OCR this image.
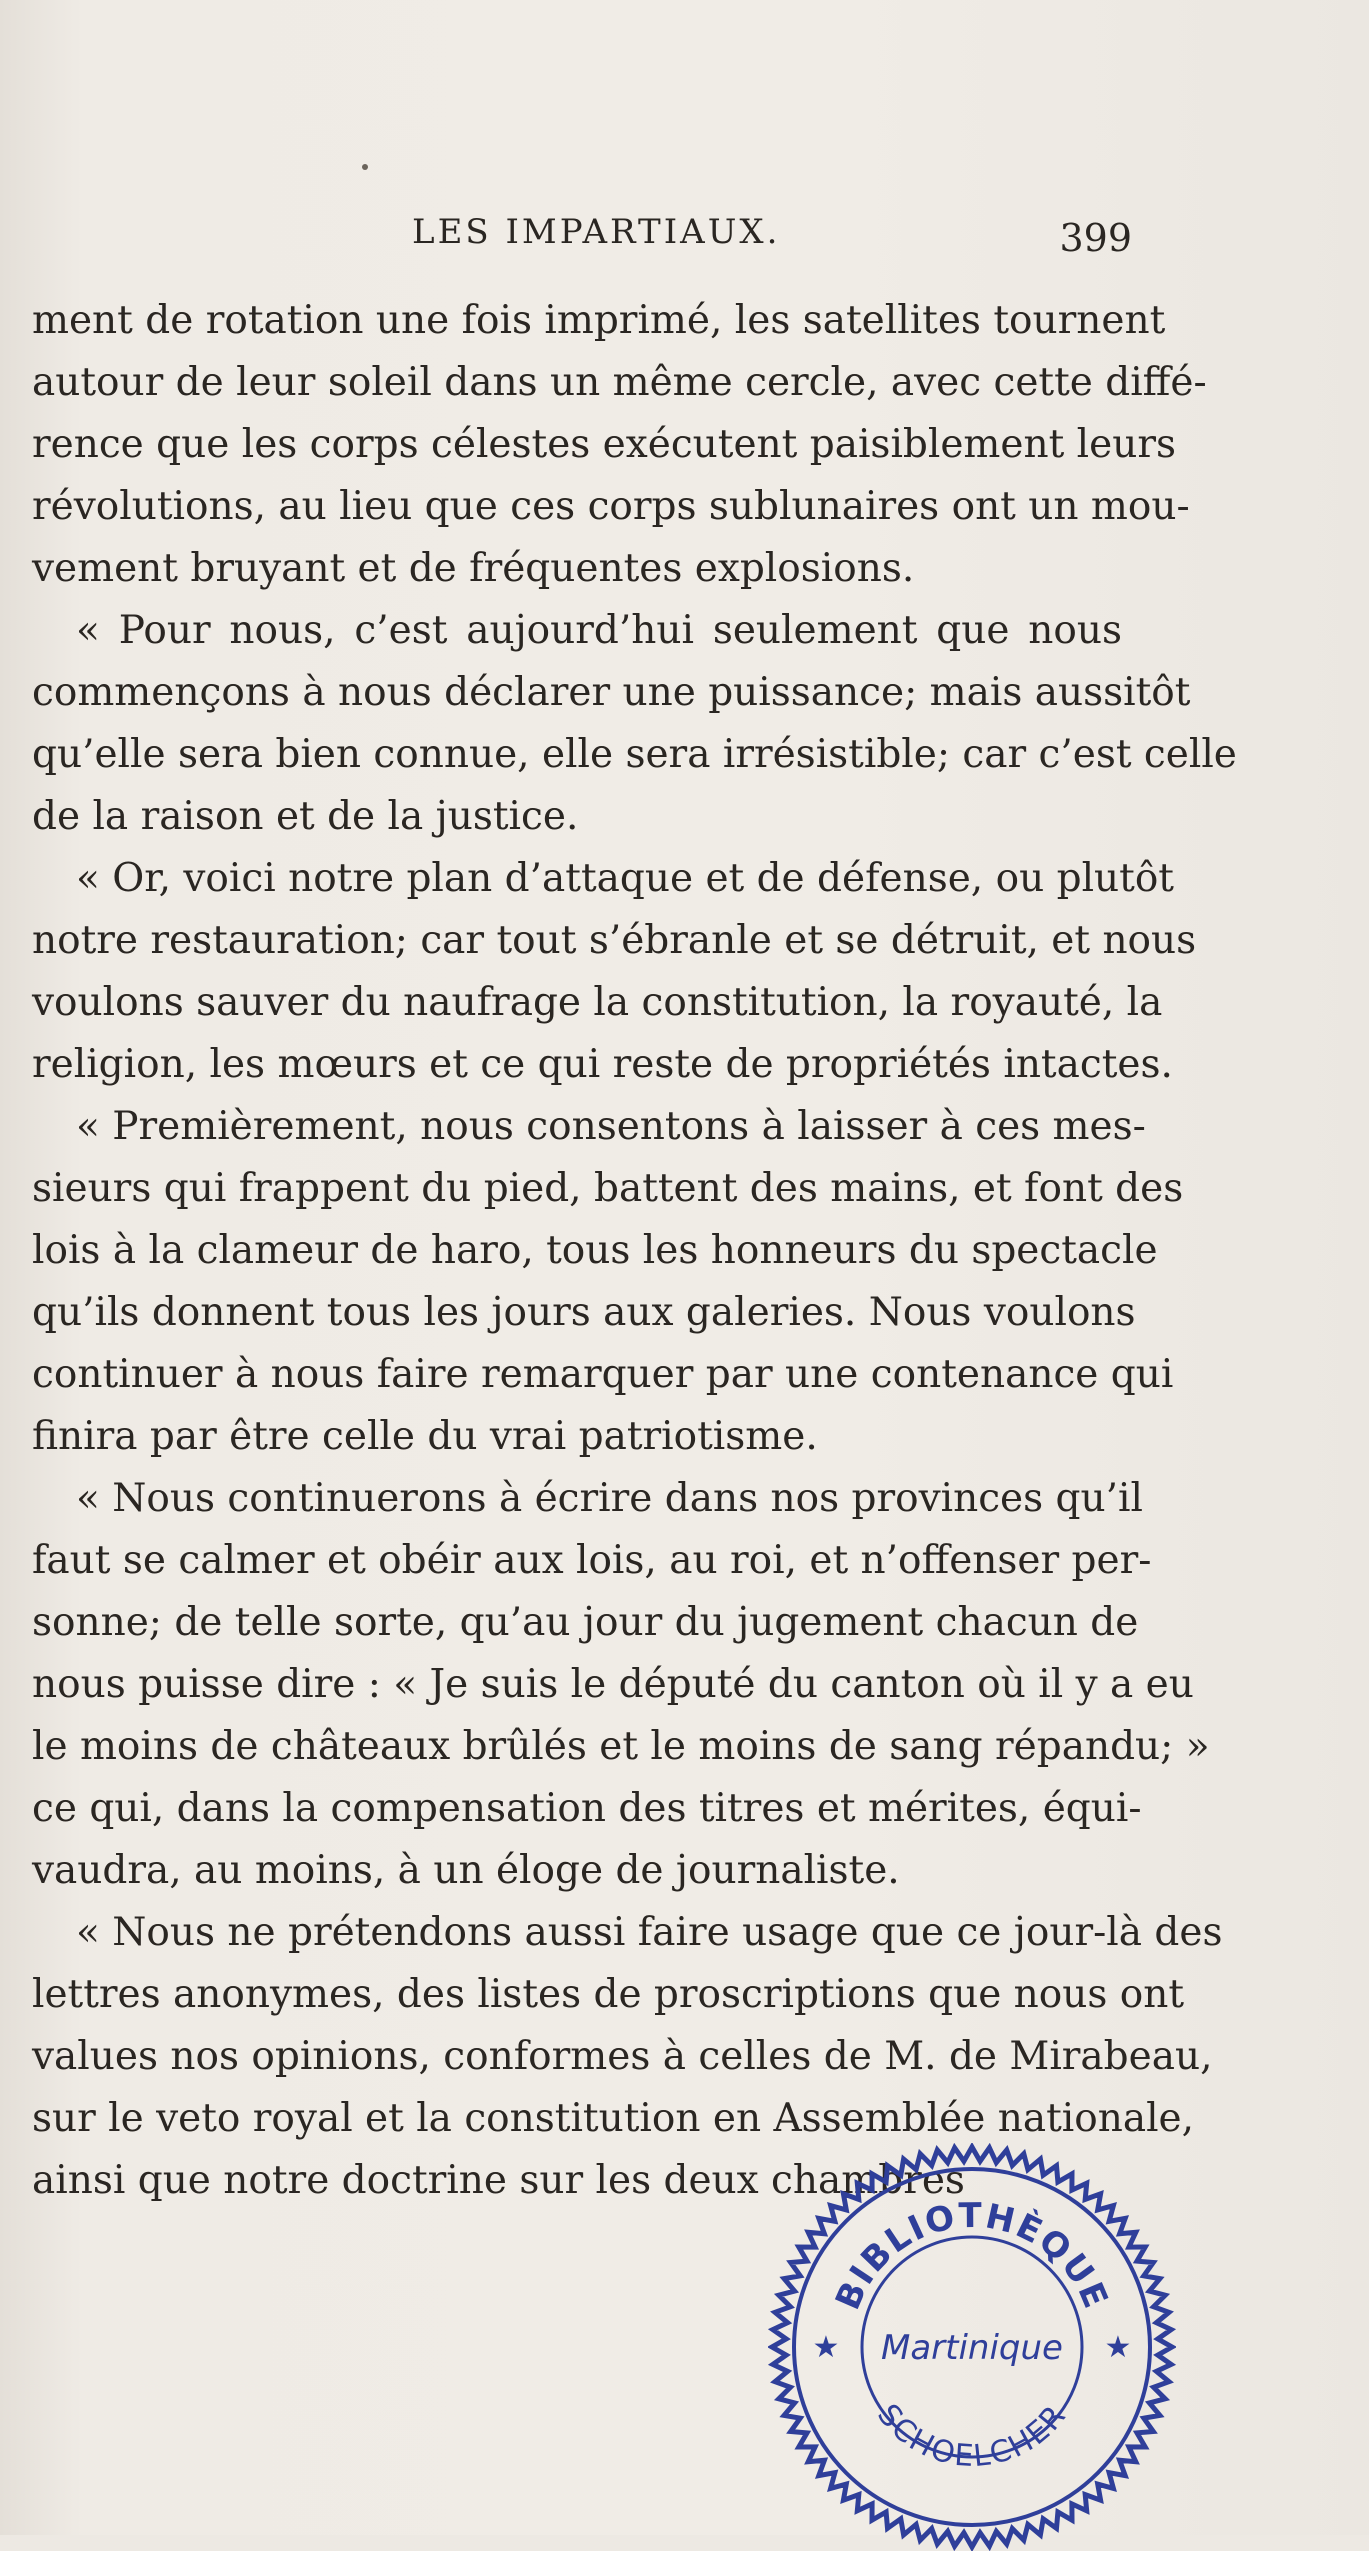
LES IMPARTIAUX.	399
ment de rotation une fois imprimé, les satellites tournent
autour de leur soleil dans un même cercle, avec cette diffé-
rence que les corps célestes exécutent paisiblement leurs
révolutions, au lieu que ces corps sublunaires ont un mou-
vement bruyant et de fréquentes explosions.
« Pour nous, c’est aujourd’hui seulement que nous
commençons à nous déclarer une puissance; mais aussitôt
qu’elle sera bien connue, elle sera irrésistible; car c’est celle
de la raison et de la justice.
« Or, voici notre plan d’attaque et de défense, ou plutôt
notre restauration; car tout s’ébranle et se détruit, et nous
voulons sauver du naufrage la constitution, la royauté, la
religion, les mœurs et ce qui reste de propriétés intactes.
« Premièrement, nous consentons à laisser à ces mes-
sieurs qui frappent du pied, battent des mains, et font des
lois à la clameur de haro, tous les honneurs du spectacle
qu’ils donnent tous les jours aux galeries. Nous voulons
continuer à nous faire remarquer par une contenance qui
finira par être celle du vrai patriotisme.
« Nous continuerons à écrire dans nos provinces qu’il
faut se calmer et obéir aux lois, au roi, et n’offenser per-
sonne; de telle sorte, qu’au jour du jugement chacun de
nous puisse dire : « Je suis le député du canton où il y a eu
le moins de châteaux brûlés et le moins de sang répandu; »
ce qui, dans la compensation des titres et mérites, équi-
vaudra, au moins, à un éloge de journaliste.
« Nous ne prétendons aussi faire usage que ce jour-là des
lettres anonymes, des listes de proscriptions que nous ont
values nos opinions, conformes à celles de M. de Mirabeau,
sur le veto royal et la constitution en Assemblée nationale,
ainsi que notre doctrine sur les deux chambres
BIBLIOTHÈQUE
SCHOELCHER
Martinique
★	★
